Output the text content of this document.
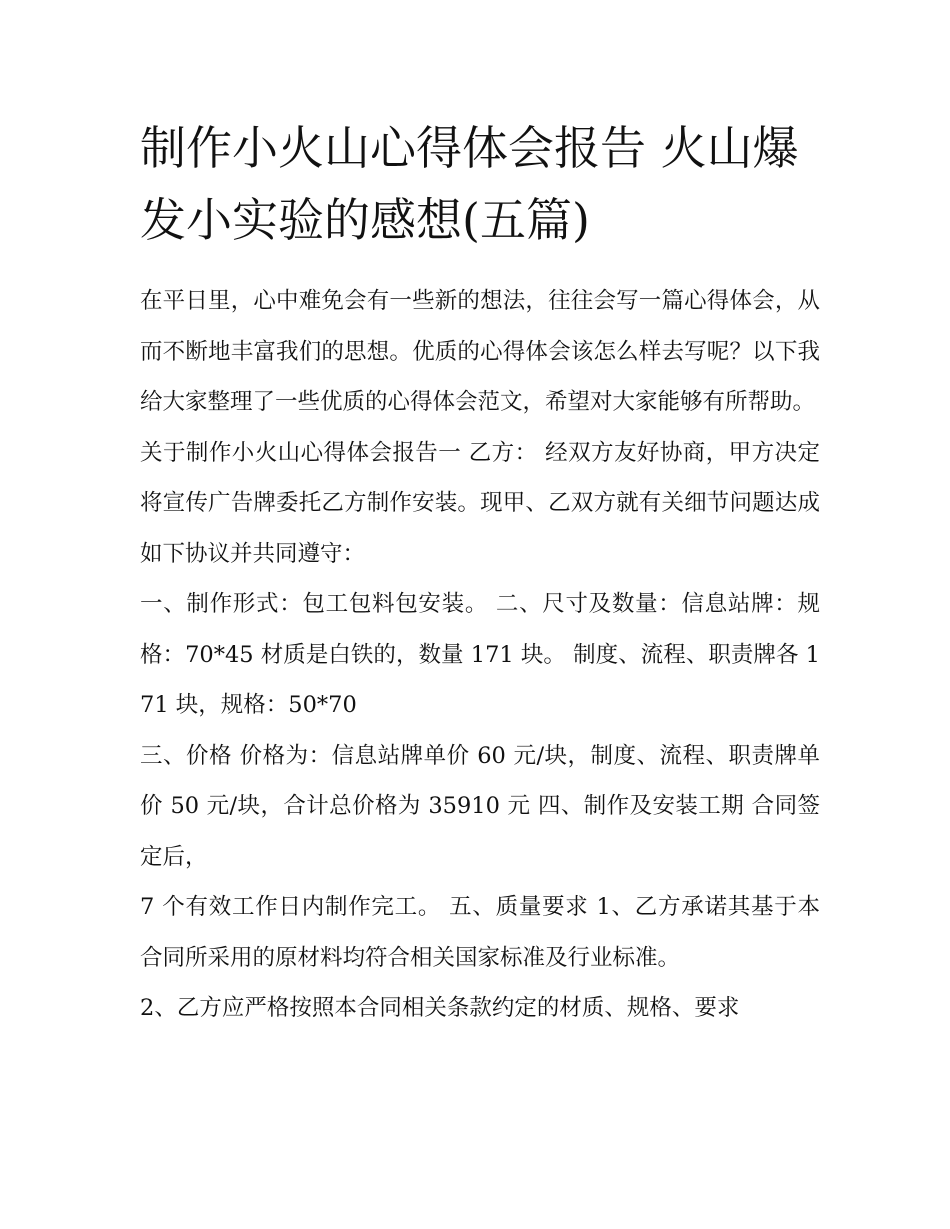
制作小火山心得体会报告 火山爆发小实验的感想(五篇)

在平日里，心中难免会有一些新的想法，往往会写一篇心得体会，从而不断地丰富我们的思想。优质的心得体会该怎么样去写呢？以下我给大家整理了一些优质的心得体会范文，希望对大家能够有所帮助。

关于制作小火山心得体会报告一 乙方： 经双方友好协商，甲方决定将宣传广告牌委托乙方制作安装。现甲、乙双方就有关细节问题达成如下协议并共同遵守：

一、制作形式：包工包料包安装。 二、尺寸及数量：信息站牌：规格：70*45 材质是白铁的，数量 171 块。 制度、流程、职责牌各 171 块，规格：50*70

三、价格 价格为：信息站牌单价 60 元/块，制度、流程、职责牌单价 50 元/块，合计总价格为 35910 元 四、制作及安装工期 合同签定后，

7 个有效工作日内制作完工。 五、质量要求 1、乙方承诺其基于本合同所采用的原材料均符合相关国家标准及行业标准。

2、乙方应严格按照本合同相关条款约定的材质、规格、要求
